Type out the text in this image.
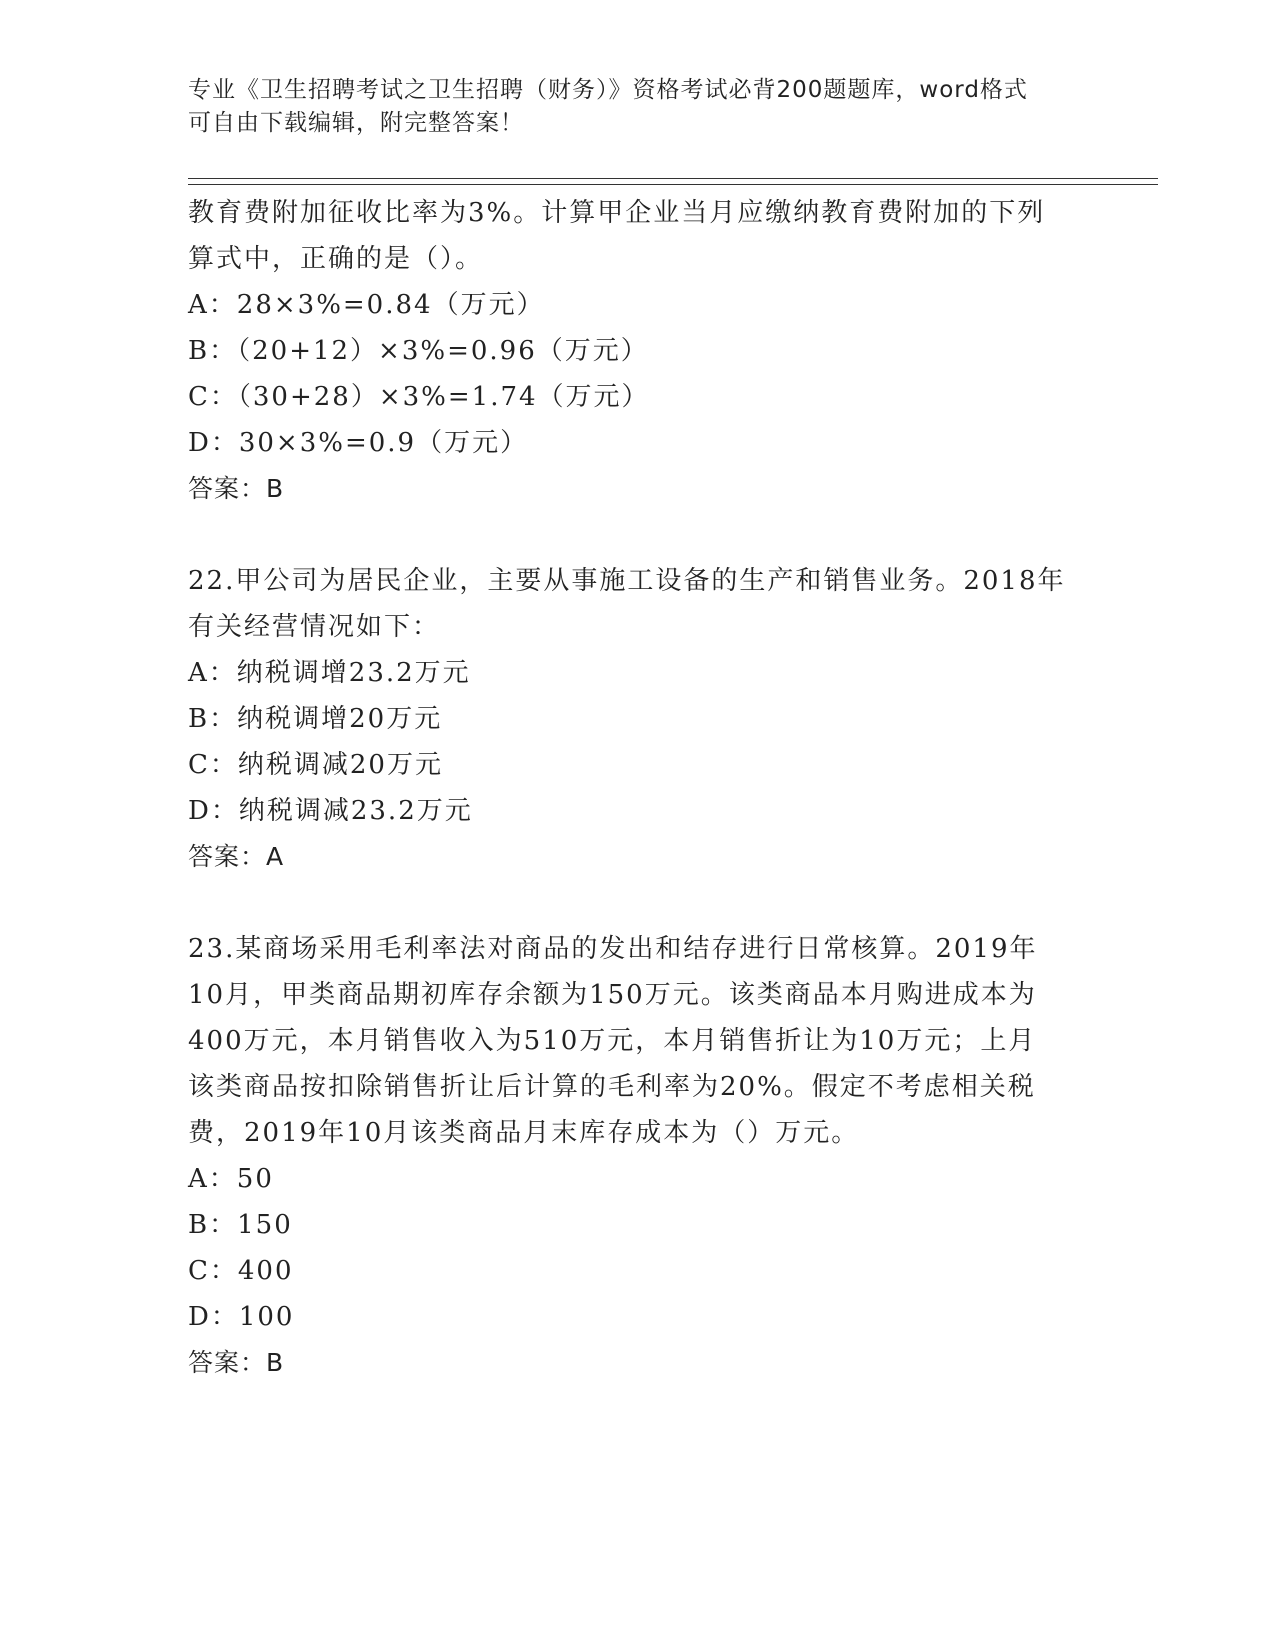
专业《卫生招聘考试之卫生招聘（财务）》资格考试必背200题题库，word格式
可自由下载编辑，附完整答案！
教育费附加征收比率为3%。计算甲企业当月应缴纳教育费附加的下列
算式中，正确的是（）。
A：28×3%=0.84（万元）
B：（20+12）×3%=0.96（万元）
C：（30+28）×3%=1.74（万元）
D：30×3%=0.9（万元）
答案：B
22.甲公司为居民企业，主要从事施工设备的生产和销售业务。2018年
有关经营情况如下：
A：纳税调增23.2万元
B：纳税调增20万元
C：纳税调减20万元
D：纳税调减23.2万元
答案：A
23.某商场采用毛利率法对商品的发出和结存进行日常核算。2019年
10月，甲类商品期初库存余额为150万元。该类商品本月购进成本为
400万元，本月销售收入为510万元，本月销售折让为10万元；上月
该类商品按扣除销售折让后计算的毛利率为20%。假定不考虑相关税
费，2019年10月该类商品月末库存成本为（）万元。
A：50
B：150
C：400
D：100
答案：B
